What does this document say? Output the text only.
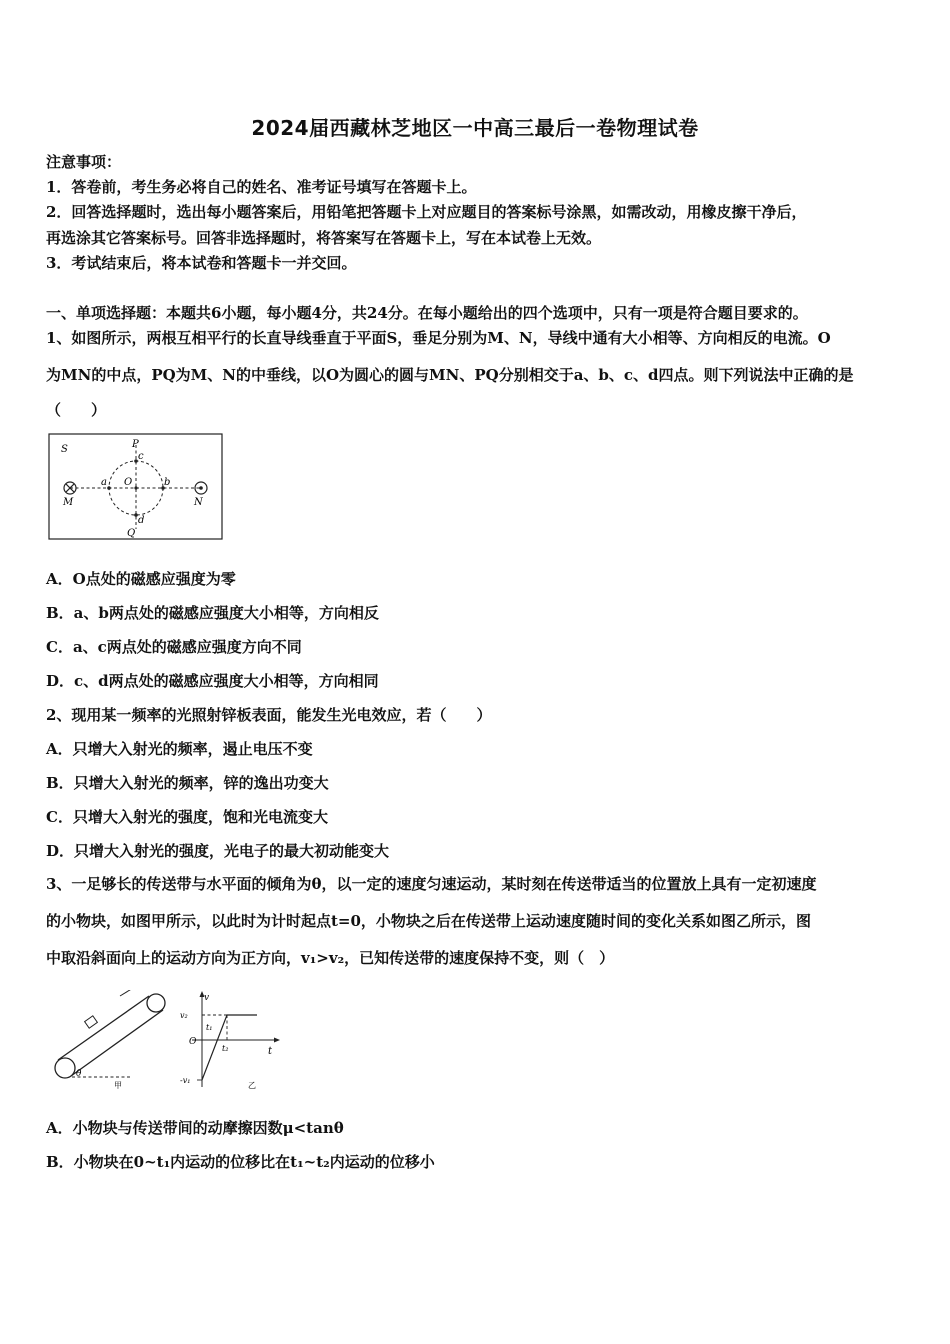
2024届西藏林芝地区一中高三最后一卷物理试卷
注意事项：
1．答卷前，考生务必将自己的姓名、准考证号填写在答题卡上。
2．回答选择题时，选出每小题答案后，用铅笔把答题卡上对应题目的答案标号涂黑，如需改动，用橡皮擦干净后，
再选涂其它答案标号。回答非选择题时，将答案写在答题卡上，写在本试卷上无效。
3．考试结束后，将本试卷和答题卡一并交回。
一、单项选择题：本题共6小题，每小题4分，共24分。在每小题给出的四个选项中，只有一项是符合题目要求的。
1、如图所示，两根互相平行的长直导线垂直于平面S，垂足分别为M、N，导线中通有大小相等、方向相反的电流。O
为MN的中点，PQ为M、N的中垂线，以O为圆心的圆与MN、PQ分别相交于a、b、c、d四点。则下列说法中正确的是
（　　）
S	P
c
a O	b
M	N
d
Q
A．O点处的磁感应强度为零
B．a、b两点处的磁感应强度大小相等，方向相反
C．a、c两点处的磁感应强度方向不同
D．c、d两点处的磁感应强度大小相等，方向相同
2、现用某一频率的光照射锌板表面，能发生光电效应，若（　　）
A．只增大入射光的频率，遏止电压不变
B．只增大入射光的频率，锌的逸出功变大
C．只增大入射光的强度，饱和光电流变大
D．只增大入射光的强度，光电子的最大初动能变大
3、一足够长的传送带与水平面的倾角为θ，以一定的速度匀速运动，某时刻在传送带适当的位置放上具有一定初速度
的小物块，如图甲所示，以此时为计时起点t=0，小物块之后在传送带上运动速度随时间的变化关系如图乙所示，图
中取沿斜面向上的运动方向为正方向，v₁>v₂，已知传送带的速度保持不变，则（　）
θ
甲
v
v₂
t₁
O
t₂	t
-v₁
乙
A．小物块与传送带间的动摩擦因数μ<tanθ
B．小物块在0~t₁内运动的位移比在t₁~t₂内运动的位移小
